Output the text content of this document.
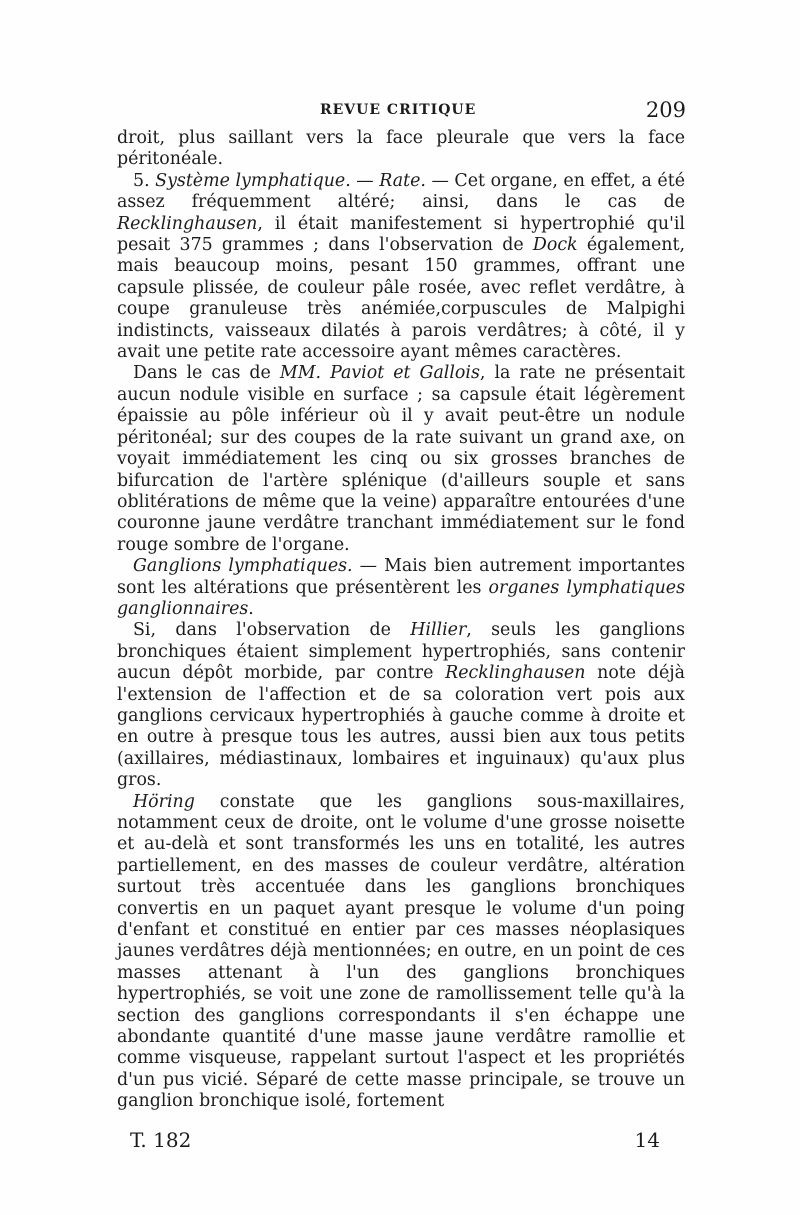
REVUE CRITIQUE	209

droit, plus saillant vers la face pleurale que vers la face péritonéale.

5. Système lymphatique. — Rate. — Cet organe, en effet, a été assez fréquemment altéré; ainsi, dans le cas de Recklinghausen, il était manifestement si hypertrophié qu'il pesait 375 grammes ; dans l'observation de Dock également, mais beaucoup moins, pesant 150 grammes, offrant une capsule plissée, de couleur pâle rosée, avec reflet verdâtre, à coupe granuleuse très anémiée,corpuscules de Malpighi indistincts, vaisseaux dilatés à parois verdâtres; à côté, il y avait une petite rate accessoire ayant mêmes caractères.

Dans le cas de MM. Paviot et Gallois, la rate ne présentait aucun nodule visible en surface ; sa capsule était légèrement épaissie au pôle inférieur où il y avait peut-être un nodule péritonéal; sur des coupes de la rate suivant un grand axe, on voyait immédiatement les cinq ou six grosses branches de bifurcation de l'artère splénique (d'ailleurs souple et sans oblitérations de même que la veine) apparaître entourées d'une couronne jaune verdâtre tranchant immédiatement sur le fond rouge sombre de l'organe.

Ganglions lymphatiques. — Mais bien autrement importantes sont les altérations que présentèrent les organes lymphatiques ganglionnaires.

Si, dans l'observation de Hillier, seuls les ganglions bronchiques étaient simplement hypertrophiés, sans contenir aucun dépôt morbide, par contre Recklinghausen note déjà l'extension de l'affection et de sa coloration vert pois aux ganglions cervicaux hypertrophiés à gauche comme à droite et en outre à presque tous les autres, aussi bien aux tous petits (axillaires, médiastinaux, lombaires et inguinaux) qu'aux plus gros.

Höring constate que les ganglions sous-maxillaires, notamment ceux de droite, ont le volume d'une grosse noisette et au-delà et sont transformés les uns en totalité, les autres partiellement, en des masses de couleur verdâtre, altération surtout très accentuée dans les ganglions bronchiques convertis en un paquet ayant presque le volume d'un poing d'enfant et constitué en entier par ces masses néoplasiques jaunes verdâtres déjà mentionnées; en outre, en un point de ces masses attenant à l'un des ganglions bronchiques hypertrophiés, se voit une zone de ramollissement telle qu'à la section des ganglions correspondants il s'en échappe une abondante quantité d'une masse jaune verdâtre ramollie et comme visqueuse, rappelant surtout l'aspect et les propriétés d'un pus vicié. Séparé de cette masse principale, se trouve un ganglion bronchique isolé, fortement

T. 182	14
